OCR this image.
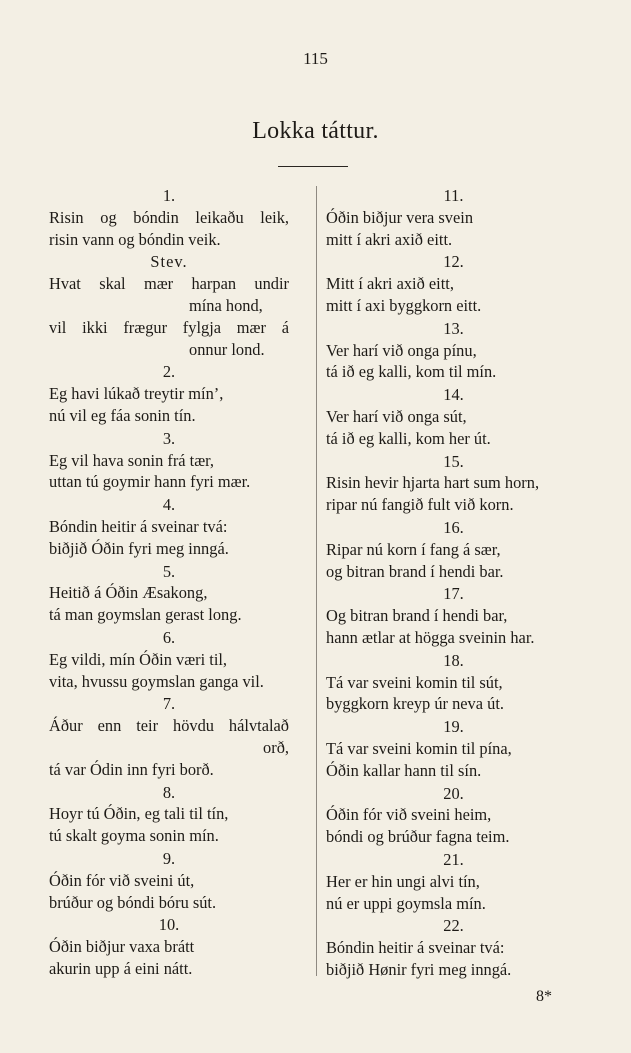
115
Lokka táttur.

1.

Risin og bóndin leikaðu leik,

risin vann og bóndin veik.

Stev.

Hvat skal mær harpan undir

mína hond,

vil ikki frægur fylgja mær á

onnur lond.

2.

Eg havi lúkað treytir mín’,

nú vil eg fáa sonin tín.

3.

Eg vil hava sonin frá tær,

uttan tú goymir hann fyri mær.

4.

Bóndin heitir á sveinar tvá:

biðjið Óðin fyri meg inngá.

5.

Heitið á Óðin Æsakong,

tá man goymslan gerast long.

6.

Eg vildi, mín Óðin væri til,

vita, hvussu goymslan ganga vil.

7.

Áður enn teir hövdu hálvtalað

orð,

tá var Ódin inn fyri borð.

8.

Hoyr tú Óðin, eg tali til tín,

tú skalt goyma sonin mín.

9.

Óðin fór við sveini út,

brúður og bóndi bóru sút.

10.

Óðin biðjur vaxa brátt

akurin upp á eini nátt.

11.

Óðin biðjur vera svein

mitt í akri axið eitt.

12.

Mitt í akri axið eitt,

mitt í axi byggkorn eitt.

13.

Ver harí við onga pínu,

tá ið eg kalli, kom til mín.

14.

Ver harí við onga sút,

tá ið eg kalli, kom her út.

15.

Risin hevir hjarta hart sum horn,

ripar nú fangið fult við korn.

16.

Ripar nú korn í fang á sær,

og bitran brand í hendi bar.

17.

Og bitran brand í hendi bar,

hann ætlar at högga sveinin har.

18.

Tá var sveini komin til sút,

byggkorn kreyp úr neva út.

19.

Tá var sveini komin til pína,

Óðin kallar hann til sín.

20.

Óðin fór við sveini heim,

bóndi og brúður fagna teim.

21.

Her er hin ungi alvi tín,

nú er uppi goymsla mín.

22.

Bóndin heitir á sveinar tvá:

biðjið Hønir fyri meg inngá.

8*
